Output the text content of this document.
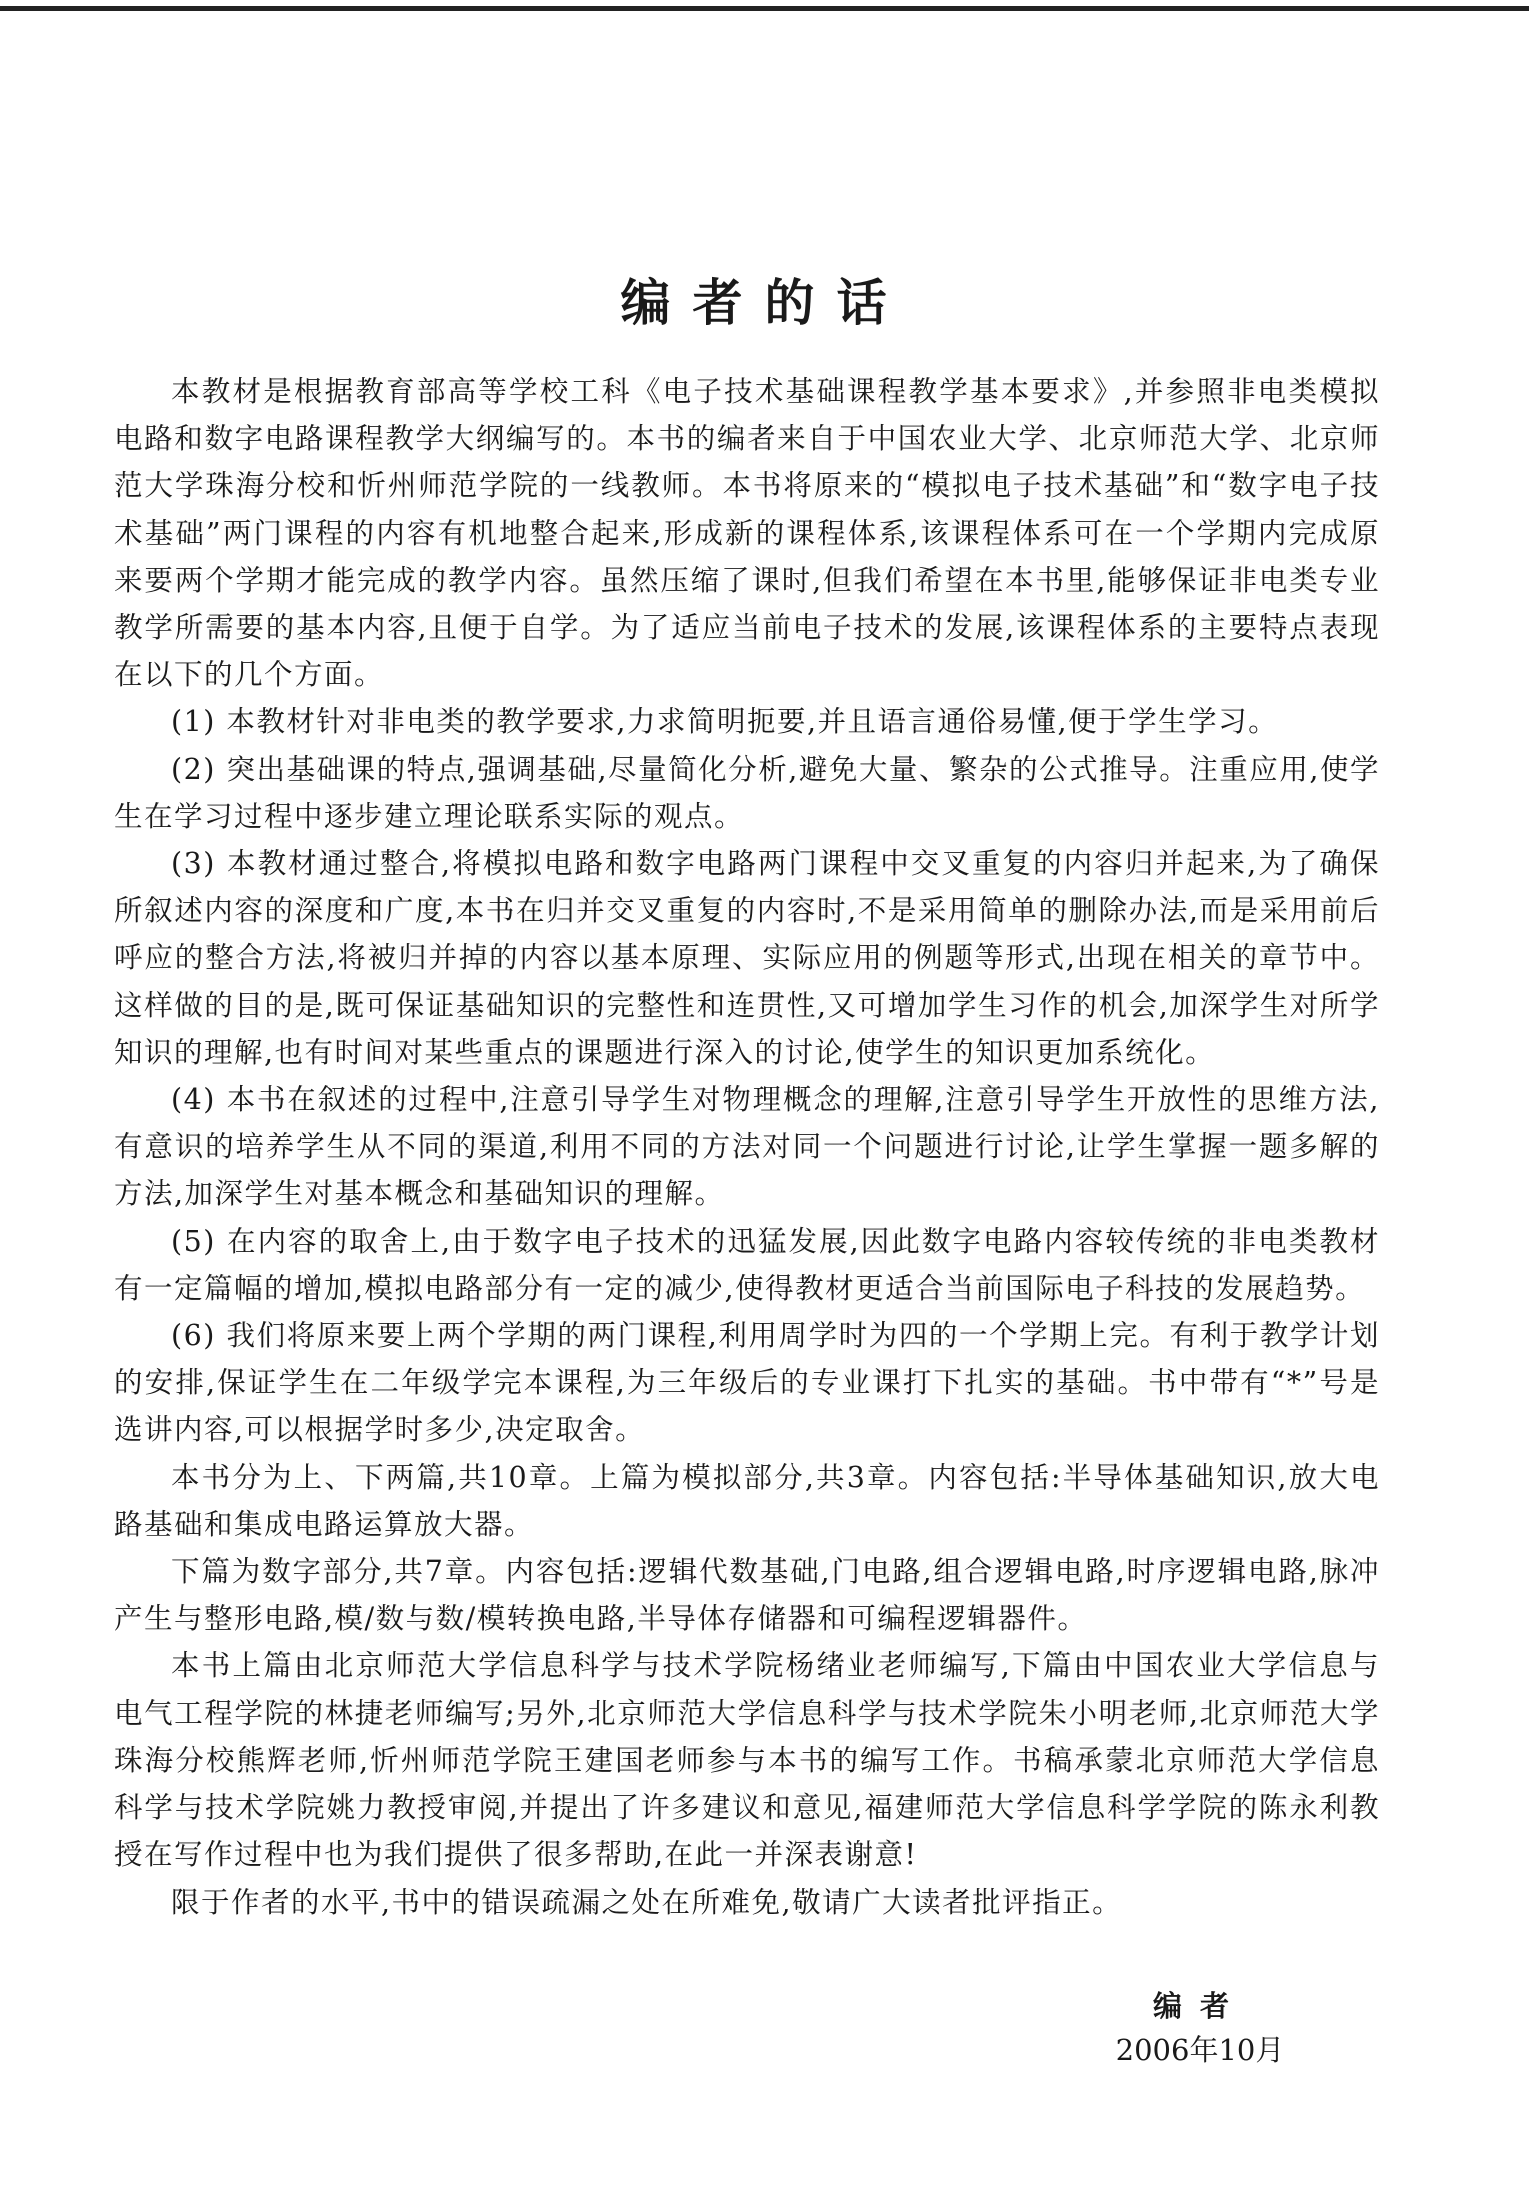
编者的话

本教材是根据教育部高等学校工科《电子技术基础课程教学基本要求》,并参照非电类模拟电路和数字电路课程教学大纲编写的。本书的编者来自于中国农业大学、北京师范大学、北京师范大学珠海分校和忻州师范学院的一线教师。本书将原来的“模拟电子技术基础”和“数字电子技术基础”两门课程的内容有机地整合起来,形成新的课程体系,该课程体系可在一个学期内完成原来要两个学期才能完成的教学内容。虽然压缩了课时,但我们希望在本书里,能够保证非电类专业教学所需要的基本内容,且便于自学。为了适应当前电子技术的发展,该课程体系的主要特点表现在以下的几个方面。

(1) 本教材针对非电类的教学要求,力求简明扼要,并且语言通俗易懂,便于学生学习。

(2) 突出基础课的特点,强调基础,尽量简化分析,避免大量、繁杂的公式推导。注重应用,使学生在学习过程中逐步建立理论联系实际的观点。

(3) 本教材通过整合,将模拟电路和数字电路两门课程中交叉重复的内容归并起来,为了确保所叙述内容的深度和广度,本书在归并交叉重复的内容时,不是采用简单的删除办法,而是采用前后呼应的整合方法,将被归并掉的内容以基本原理、实际应用的例题等形式,出现在相关的章节中。这样做的目的是,既可保证基础知识的完整性和连贯性,又可增加学生习作的机会,加深学生对所学知识的理解,也有时间对某些重点的课题进行深入的讨论,使学生的知识更加系统化。

(4) 本书在叙述的过程中,注意引导学生对物理概念的理解,注意引导学生开放性的思维方法,有意识的培养学生从不同的渠道,利用不同的方法对同一个问题进行讨论,让学生掌握一题多解的方法,加深学生对基本概念和基础知识的理解。

(5) 在内容的取舍上,由于数字电子技术的迅猛发展,因此数字电路内容较传统的非电类教材有一定篇幅的增加,模拟电路部分有一定的减少,使得教材更适合当前国际电子科技的发展趋势。

(6) 我们将原来要上两个学期的两门课程,利用周学时为四的一个学期上完。有利于教学计划的安排,保证学生在二年级学完本课程,为三年级后的专业课打下扎实的基础。书中带有“*”号是选讲内容,可以根据学时多少,决定取舍。

本书分为上、下两篇,共10章。上篇为模拟部分,共3章。内容包括:半导体基础知识,放大电路基础和集成电路运算放大器。

下篇为数字部分,共7章。内容包括:逻辑代数基础,门电路,组合逻辑电路,时序逻辑电路,脉冲产生与整形电路,模/数与数/模转换电路,半导体存储器和可编程逻辑器件。

本书上篇由北京师范大学信息科学与技术学院杨绪业老师编写,下篇由中国农业大学信息与电气工程学院的林捷老师编写;另外,北京师范大学信息科学与技术学院朱小明老师,北京师范大学珠海分校熊辉老师,忻州师范学院王建国老师参与本书的编写工作。书稿承蒙北京师范大学信息科学与技术学院姚力教授审阅,并提出了许多建议和意见,福建师范大学信息科学学院的陈永利教授在写作过程中也为我们提供了很多帮助,在此一并深表谢意!

限于作者的水平,书中的错误疏漏之处在所难免,敬请广大读者批评指正。

编者
2006年10月
